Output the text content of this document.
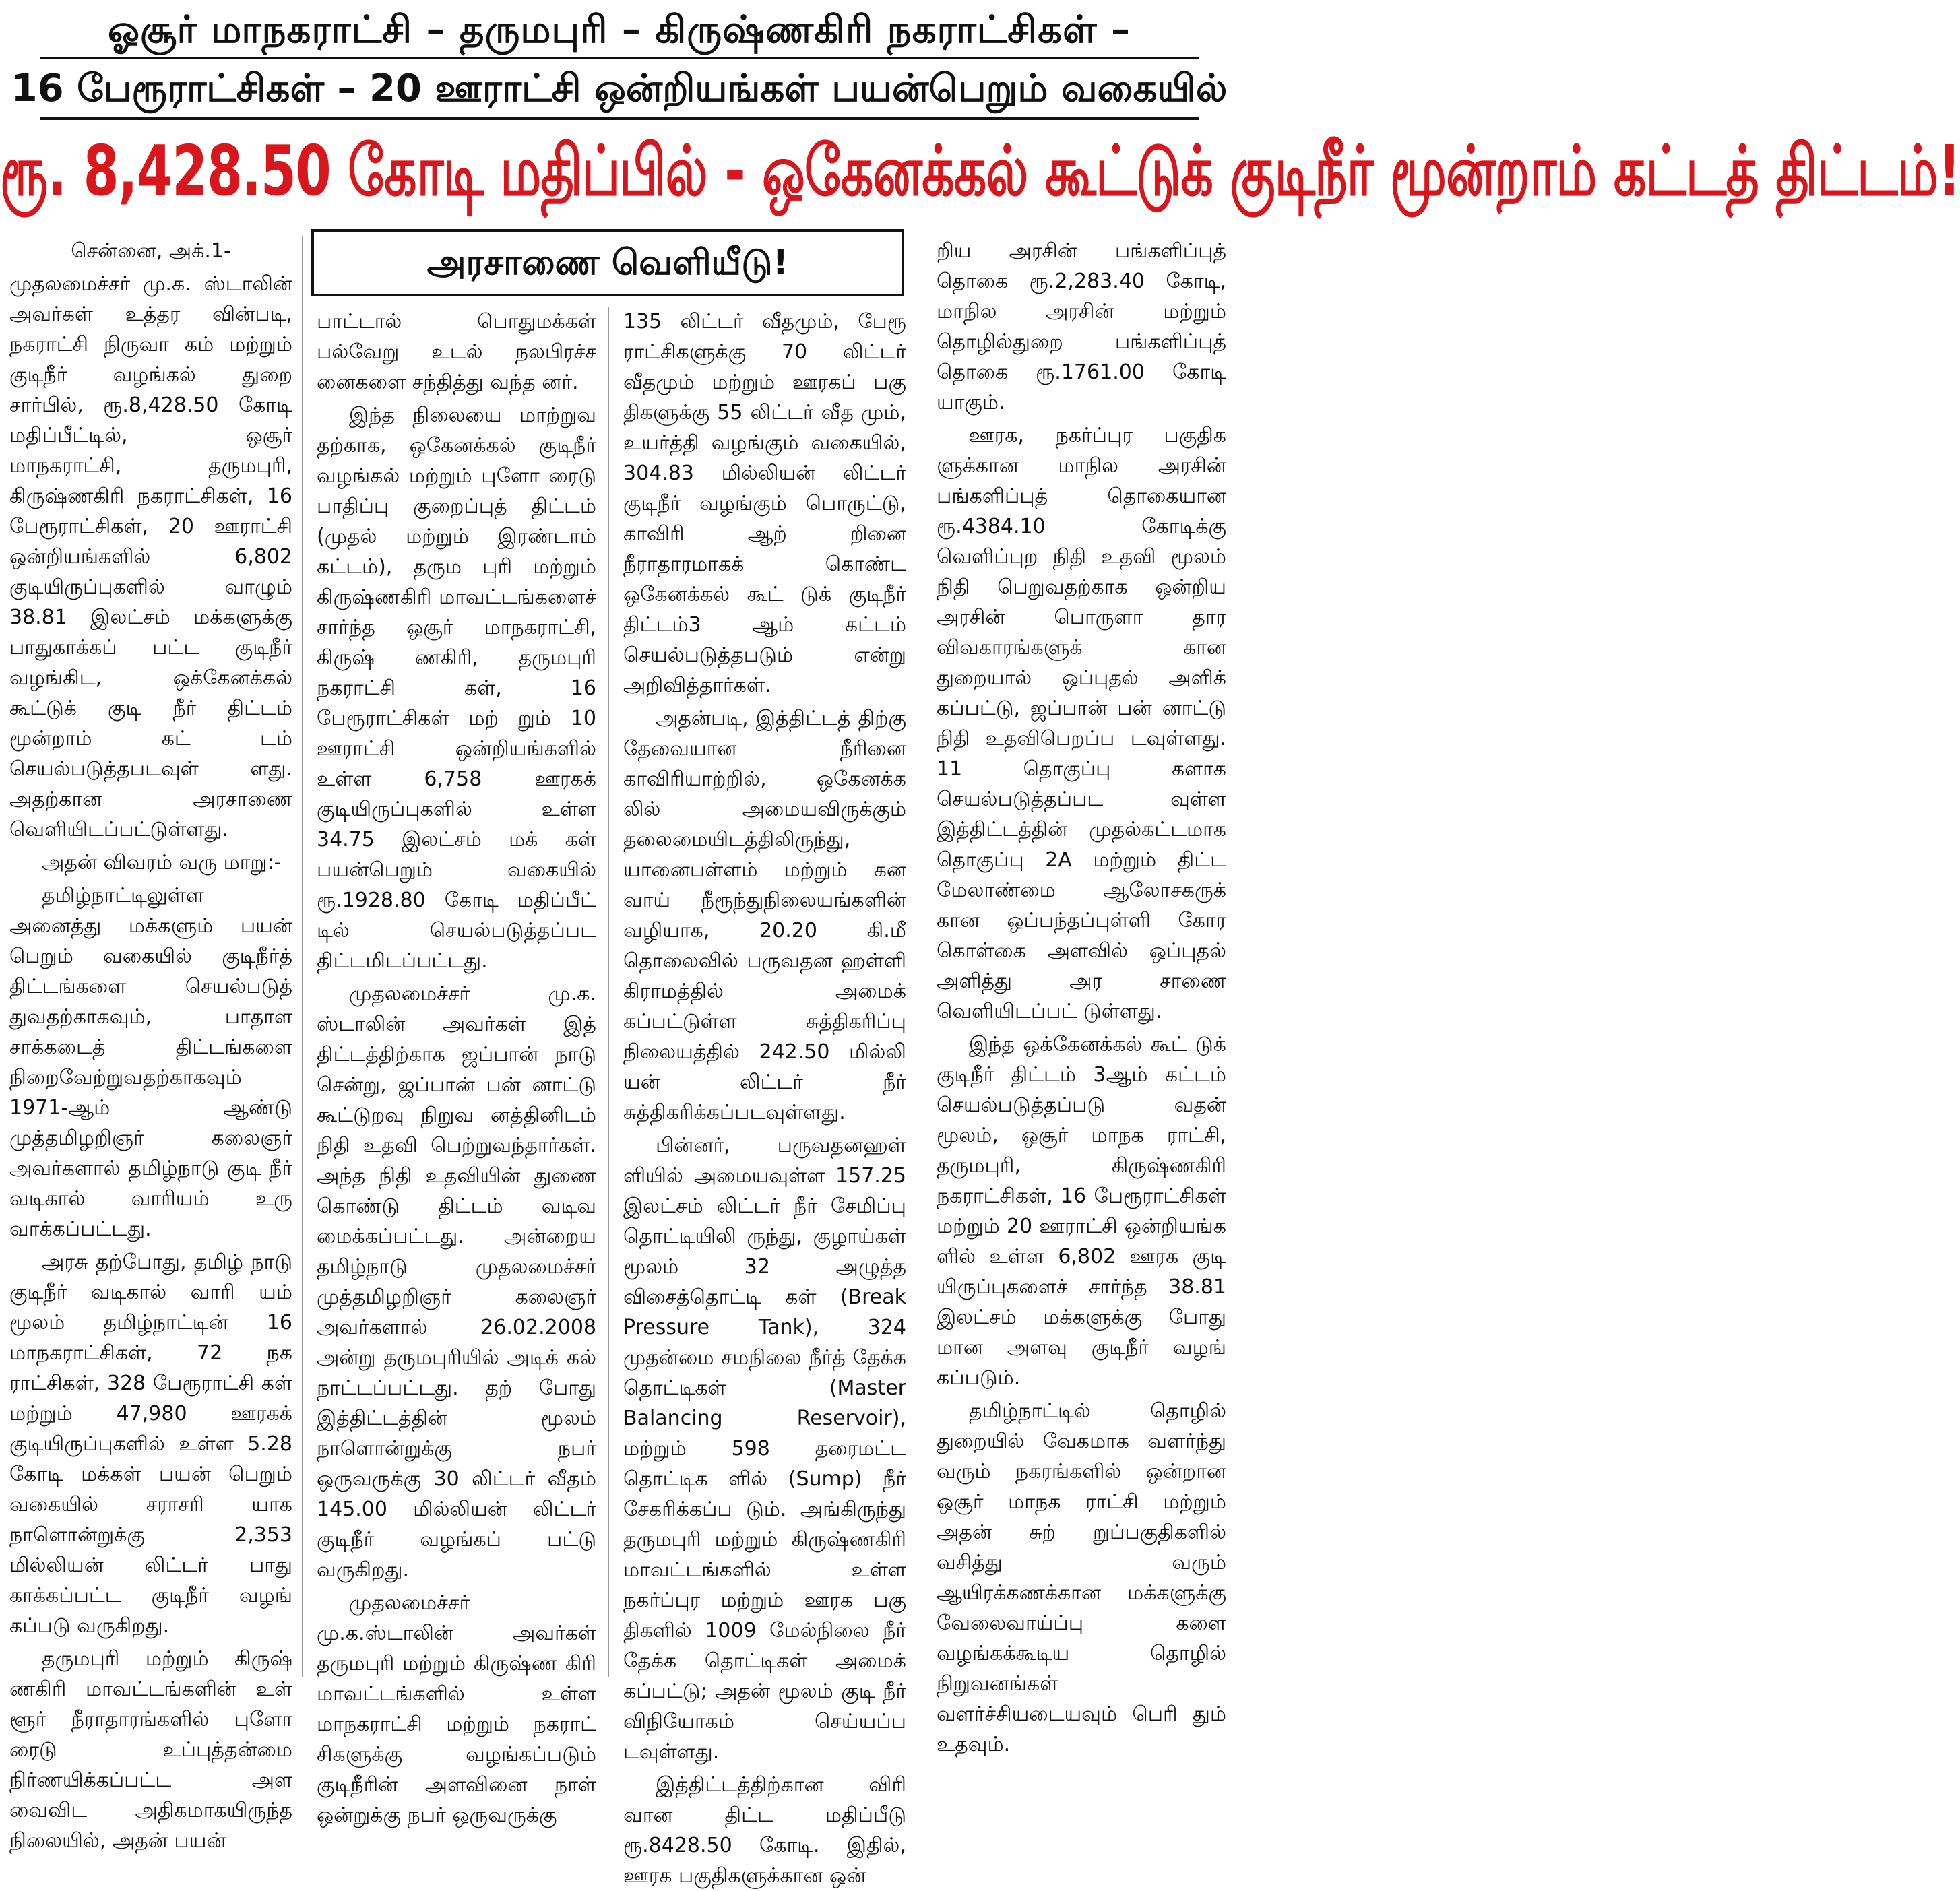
ஓசூர் மாநகராட்சி – தருமபுரி – கிருஷ்ணகிரி நகராட்சிகள் –
16 பேரூராட்சிகள் – 20 ஊராட்சி ஒன்றியங்கள் பயன்பெறும் வகையில்
ரூ. 8,428.50 கோடி மதிப்பில் - ஒகேனக்கல் கூட்டுக் குடிநீர் மூன்றாம் கட்டத் திட்டம்!
அரசாணை வெளியீடு!

சென்னை, அக்.1-

முதலமைச்சர் மு.க. ஸ்டாலின் அவர்கள் உத்தர வின்படி, நகராட்சி நிருவா கம் மற்றும் குடிநீர் வழங்கல் துறை சார்பில், ரூ.8,428.50 கோடி மதிப்பீட்டில், ஒசூர் மாநகராட்சி, தருமபுரி, கிருஷ்ணகிரி நகராட்சிகள், 16 பேரூராட்சிகள், 20 ஊராட்சி ஒன்றியங்களில் 6,802 குடியிருப்புகளில் வாழும் 38.81 இலட்சம் மக்களுக்கு பாதுகாக்கப் பட்ட குடிநீர் வழங்கிட, ஒக்கேனக்கல் கூட்டுக் குடி நீர் திட்டம் மூன்றாம் கட் டம் செயல்படுத்தபடவுள் ளது. அதற்கான அரசாணை வெளியிடப்பட்டுள்ளது.

அதன் விவரம் வரு மாறு:-

தமிழ்நாட்டிலுள்ள அனைத்து மக்களும் பயன் பெறும் வகையில் குடிநீர்த் திட்டங்களை செயல்படுத் துவதற்காகவும், பாதாள சாக்கடைத் திட்டங்களை நிறைவேற்றுவதற்காகவும் 1971-ஆம் ஆண்டு முத்தமிழறிஞர் கலைஞர் அவர்களால் தமிழ்நாடு குடி நீர் வடிகால் வாரியம் உரு வாக்கப்பட்டது.

அரசு தற்போது, தமிழ் நாடு குடிநீர் வடிகால் வாரி யம் மூலம் தமிழ்நாட்டின் 16 மாநகராட்சிகள், 72 நக ராட்சிகள், 328 பேரூராட்சி கள் மற்றும் 47,980 ஊரகக் குடியிருப்புகளில் உள்ள 5.28 கோடி மக்கள் பயன் பெறும் வகையில் சராசரி யாக நாளொன்றுக்கு 2,353 மில்லியன் லிட்டர் பாது காக்கப்பட்ட குடிநீர் வழங் கப்படு வருகிறது.

தருமபுரி மற்றும் கிருஷ் ணகிரி மாவட்டங்களின் உள் ளூர் நீராதாரங்களில் புளோ ரைடு உப்புத்தன்மை நிர்ணயிக்கப்பட்ட அள வைவிட அதிகமாகயிருந்த நிலையில், அதன் பயன்

பாட்டால் பொதுமக்கள் பல்வேறு உடல் நலபிரச்ச னைகளை சந்தித்து வந்த னர்.

இந்த நிலையை மாற்றுவ தற்காக, ஒகேனக்கல் குடிநீர் வழங்கல் மற்றும் புளோ ரைடு பாதிப்பு குறைப்புத் திட்டம் (முதல் மற்றும் இரண்டாம் கட்டம்), தரும புரி மற்றும் கிருஷ்ணகிரி மாவட்டங்களைச் சார்ந்த ஒசூர் மாநகராட்சி, கிருஷ் ணகிரி, தருமபுரி நகராட்சி கள், 16 பேரூராட்சிகள் மற் றும் 10 ஊராட்சி ஒன்றியங்களில் உள்ள 6,758 ஊரகக் குடியிருப்புகளில் உள்ள 34.75 இலட்சம் மக் கள் பயன்பெறும் வகையில் ரூ.1928.80 கோடி மதிப்பீட் டில் செயல்படுத்தப்பட திட்டமிடப்பட்டது.

முதலமைச்சர் மு.க. ஸ்டாலின் அவர்கள் இத் திட்டத்திற்காக ஜப்பான் நாடு சென்று, ஜப்பான் பன் னாட்டு கூட்டுறவு நிறுவ னத்தினிடம் நிதி உதவி பெற்றுவந்தார்கள். அந்த நிதி உதவியின் துணை கொண்டு திட்டம் வடிவ மைக்கப்பட்டது. அன்றைய தமிழ்நாடு முதலமைச்சர் முத்தமிழறிஞர் கலைஞர் அவர்களால் 26.02.2008 அன்று தருமபுரியில் அடிக் கல் நாட்டப்பட்டது. தற் போது இத்திட்டத்தின் மூலம் நாளொன்றுக்கு நபர் ஒருவருக்கு 30 லிட்டர் வீதம் 145.00 மில்லியன் லிட்டர் குடிநீர் வழங்கப் பட்டு வருகிறது.

முதலமைச்சர் மு.க.ஸ்டாலின் அவர்கள் தருமபுரி மற்றும் கிருஷ்ண கிரி மாவட்டங்களில் உள்ள மாநகராட்சி மற்றும் நகராட் சிகளுக்கு வழங்கப்படும் குடிநீரின் அளவினை நாள் ஒன்றுக்கு நபர் ஒருவருக்கு

135 லிட்டர் வீதமும், பேரூ ராட்சிகளுக்கு 70 லிட்டர் வீதமும் மற்றும் ஊரகப் பகு திகளுக்கு 55 லிட்டர் வீத மும், உயர்த்தி வழங்கும் வகையில், 304.83 மில்லியன் லிட்டர் குடிநீர் வழங்கும் பொருட்டு, காவிரி ஆற் றினை நீராதாரமாகக் கொண்ட ஒகேனக்கல் கூட் டுக் குடிநீர் திட்டம்3 ஆம் கட்டம் செயல்படுத்தபடும் என்று அறிவித்தார்கள்.

அதன்படி, இத்திட்டத் திற்கு தேவையான நீரினை காவிரியாற்றில், ஒகேனக்க லில் அமையவிருக்கும் தலைமையிடத்திலிருந்து, யானைபள்ளம் மற்றும் கன வாய் நீரூந்துநிலையங்களின் வழியாக, 20.20 கி.மீ தொலைவில் பருவதன ஹள்ளி கிராமத்தில் அமைக் கப்பட்டுள்ள சுத்திகரிப்பு நிலையத்தில் 242.50 மில்லி யன் லிட்டர் நீர் சுத்திகரிக்கப்படவுள்ளது.

பின்னர், பருவதனஹள் ளியில் அமையவுள்ள 157.25 இலட்சம் லிட்டர் நீர் சேமிப்பு தொட்டியிலி ருந்து, குழாய்கள் மூலம் 32 அழுத்த விசைத்தொட்டி கள் (Break Pressure Tank), 324 முதன்மை சமநிலை நீர்த் தேக்க தொட்டிகள் (Master Balancing Reservoir), மற்றும் 598 தரைமட்ட தொட்டிக ளில் (Sump) நீர் சேகரிக்கப்ப டும். அங்கிருந்து தருமபுரி மற்றும் கிருஷ்ணகிரி மாவட்டங்களில் உள்ள நகர்ப்புர மற்றும் ஊரக பகு திகளில் 1009 மேல்நிலை நீர் தேக்க தொட்டிகள் அமைக் கப்பட்டு; அதன் மூலம் குடி நீர் விநியோகம் செய்யப்ப டவுள்ளது.

இத்திட்டத்திற்கான விரி வான திட்ட மதிப்பீடு ரூ.8428.50 கோடி. இதில், ஊரக பகுதிகளுக்கான ஒன்

றிய அரசின் பங்களிப்புத் தொகை ரூ.2,283.40 கோடி, மாநில அரசின் மற்றும் தொழில்துறை பங்களிப்புத் தொகை ரூ.1761.00 கோடி யாகும்.

ஊரக, நகர்ப்புர பகுதிக ளுக்கான மாநில அரசின் பங்களிப்புத் தொகையான ரூ.4384.10 கோடிக்கு வெளிப்புற நிதி உதவி மூலம் நிதி பெறுவதற்காக ஒன்றிய அரசின் பொருளா தார விவகாரங்களுக் கான துறையால் ஒப்புதல் அளிக் கப்பட்டு, ஜப்பான் பன் னாட்டு நிதி உதவிபெறப்ப டவுள்ளது. 11 தொகுப்பு களாக செயல்படுத்தப்பட வுள்ள இத்திட்டத்தின் முதல்கட்டமாக தொகுப்பு 2A மற்றும் திட்ட மேலாண்மை ஆலோசகருக் கான ஒப்பந்தப்புள்ளி கோர கொள்கை அளவில் ஒப்புதல் அளித்து அர சாணை வெளியிடப்பட் டுள்ளது.

இந்த ஒக்கேனக்கல் கூட் டுக் குடிநீர் திட்டம் 3ஆம் கட்டம் செயல்படுத்தப்படு வதன் மூலம், ஒசூர் மாநக ராட்சி, தருமபுரி, கிருஷ்ணகிரி நகராட்சிகள், 16 பேரூராட்சிகள் மற்றும் 20 ஊராட்சி ஒன்றியங்க ளில் உள்ள 6,802 ஊரக குடி யிருப்புகளைச் சார்ந்த 38.81 இலட்சம் மக்களுக்கு போது மான அளவு குடிநீர் வழங் கப்படும்.

தமிழ்நாட்டில் தொழில் துறையில் வேகமாக வளர்ந்து வரும் நகரங்களில் ஒன்றான ஒசூர் மாநக ராட்சி மற்றும் அதன் சுற் றுப்பகுதிகளில் வசித்து வரும் ஆயிரக்கணக்கான மக்களுக்கு வேலைவாய்ப்பு களை வழங்கக்கூடிய தொழில் நிறுவனங்கள் வளர்ச்சியடையவும் பெரி தும் உதவும்.
